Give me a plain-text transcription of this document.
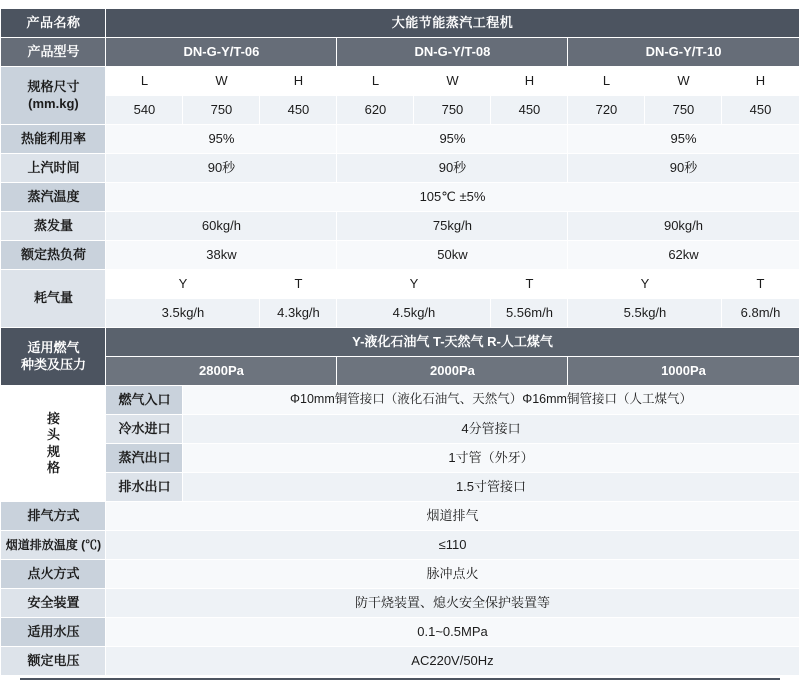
产品名称	大能节能蒸汽工程机								
产品型号	DN-G-Y/T-06			DN-G-Y/T-08			DN-G-Y/T-10		

规格尺寸
(mm.kg)	L	W	H	L	W	H	L	W	H
	540	750	450	620	750	450	720	750	450
热能利用率	95%			95%			95%		
上汽时间	90秒			90秒			90秒		
蒸汽温度	105℃ ±5%								
蒸发量	60kg/h			75kg/h			90kg/h		
额定热负荷	38kw			50kw			62kw		
耗气量	Y		T	Y		T	Y		T
	3.5kg/h		4.3kg/h	4.5kg/h		5.56m/h	5.5kg/h		6.8m/h

适用燃气
种类及压力	Y-液化石油气 T-天然气 R-人工煤气								
	2800Pa			2000Pa			1000Pa		
接
头
规
格	燃气入口	Φ10mm铜管接口（液化石油气、天然气）Φ16mm铜管接口（人工煤气）							
	冷水进口	4分管接口							
	蒸汽出口	1寸管（外牙）							
	排水出口	1.5寸管接口							
排气方式	烟道排气								
烟道排放温度 (℃)	≤110								
点火方式	脉冲点火								
安全装置	防干烧装置、熄火安全保护装置等								
适用水压	0.1~0.5MPa								
额定电压	AC220V/50Hz								
